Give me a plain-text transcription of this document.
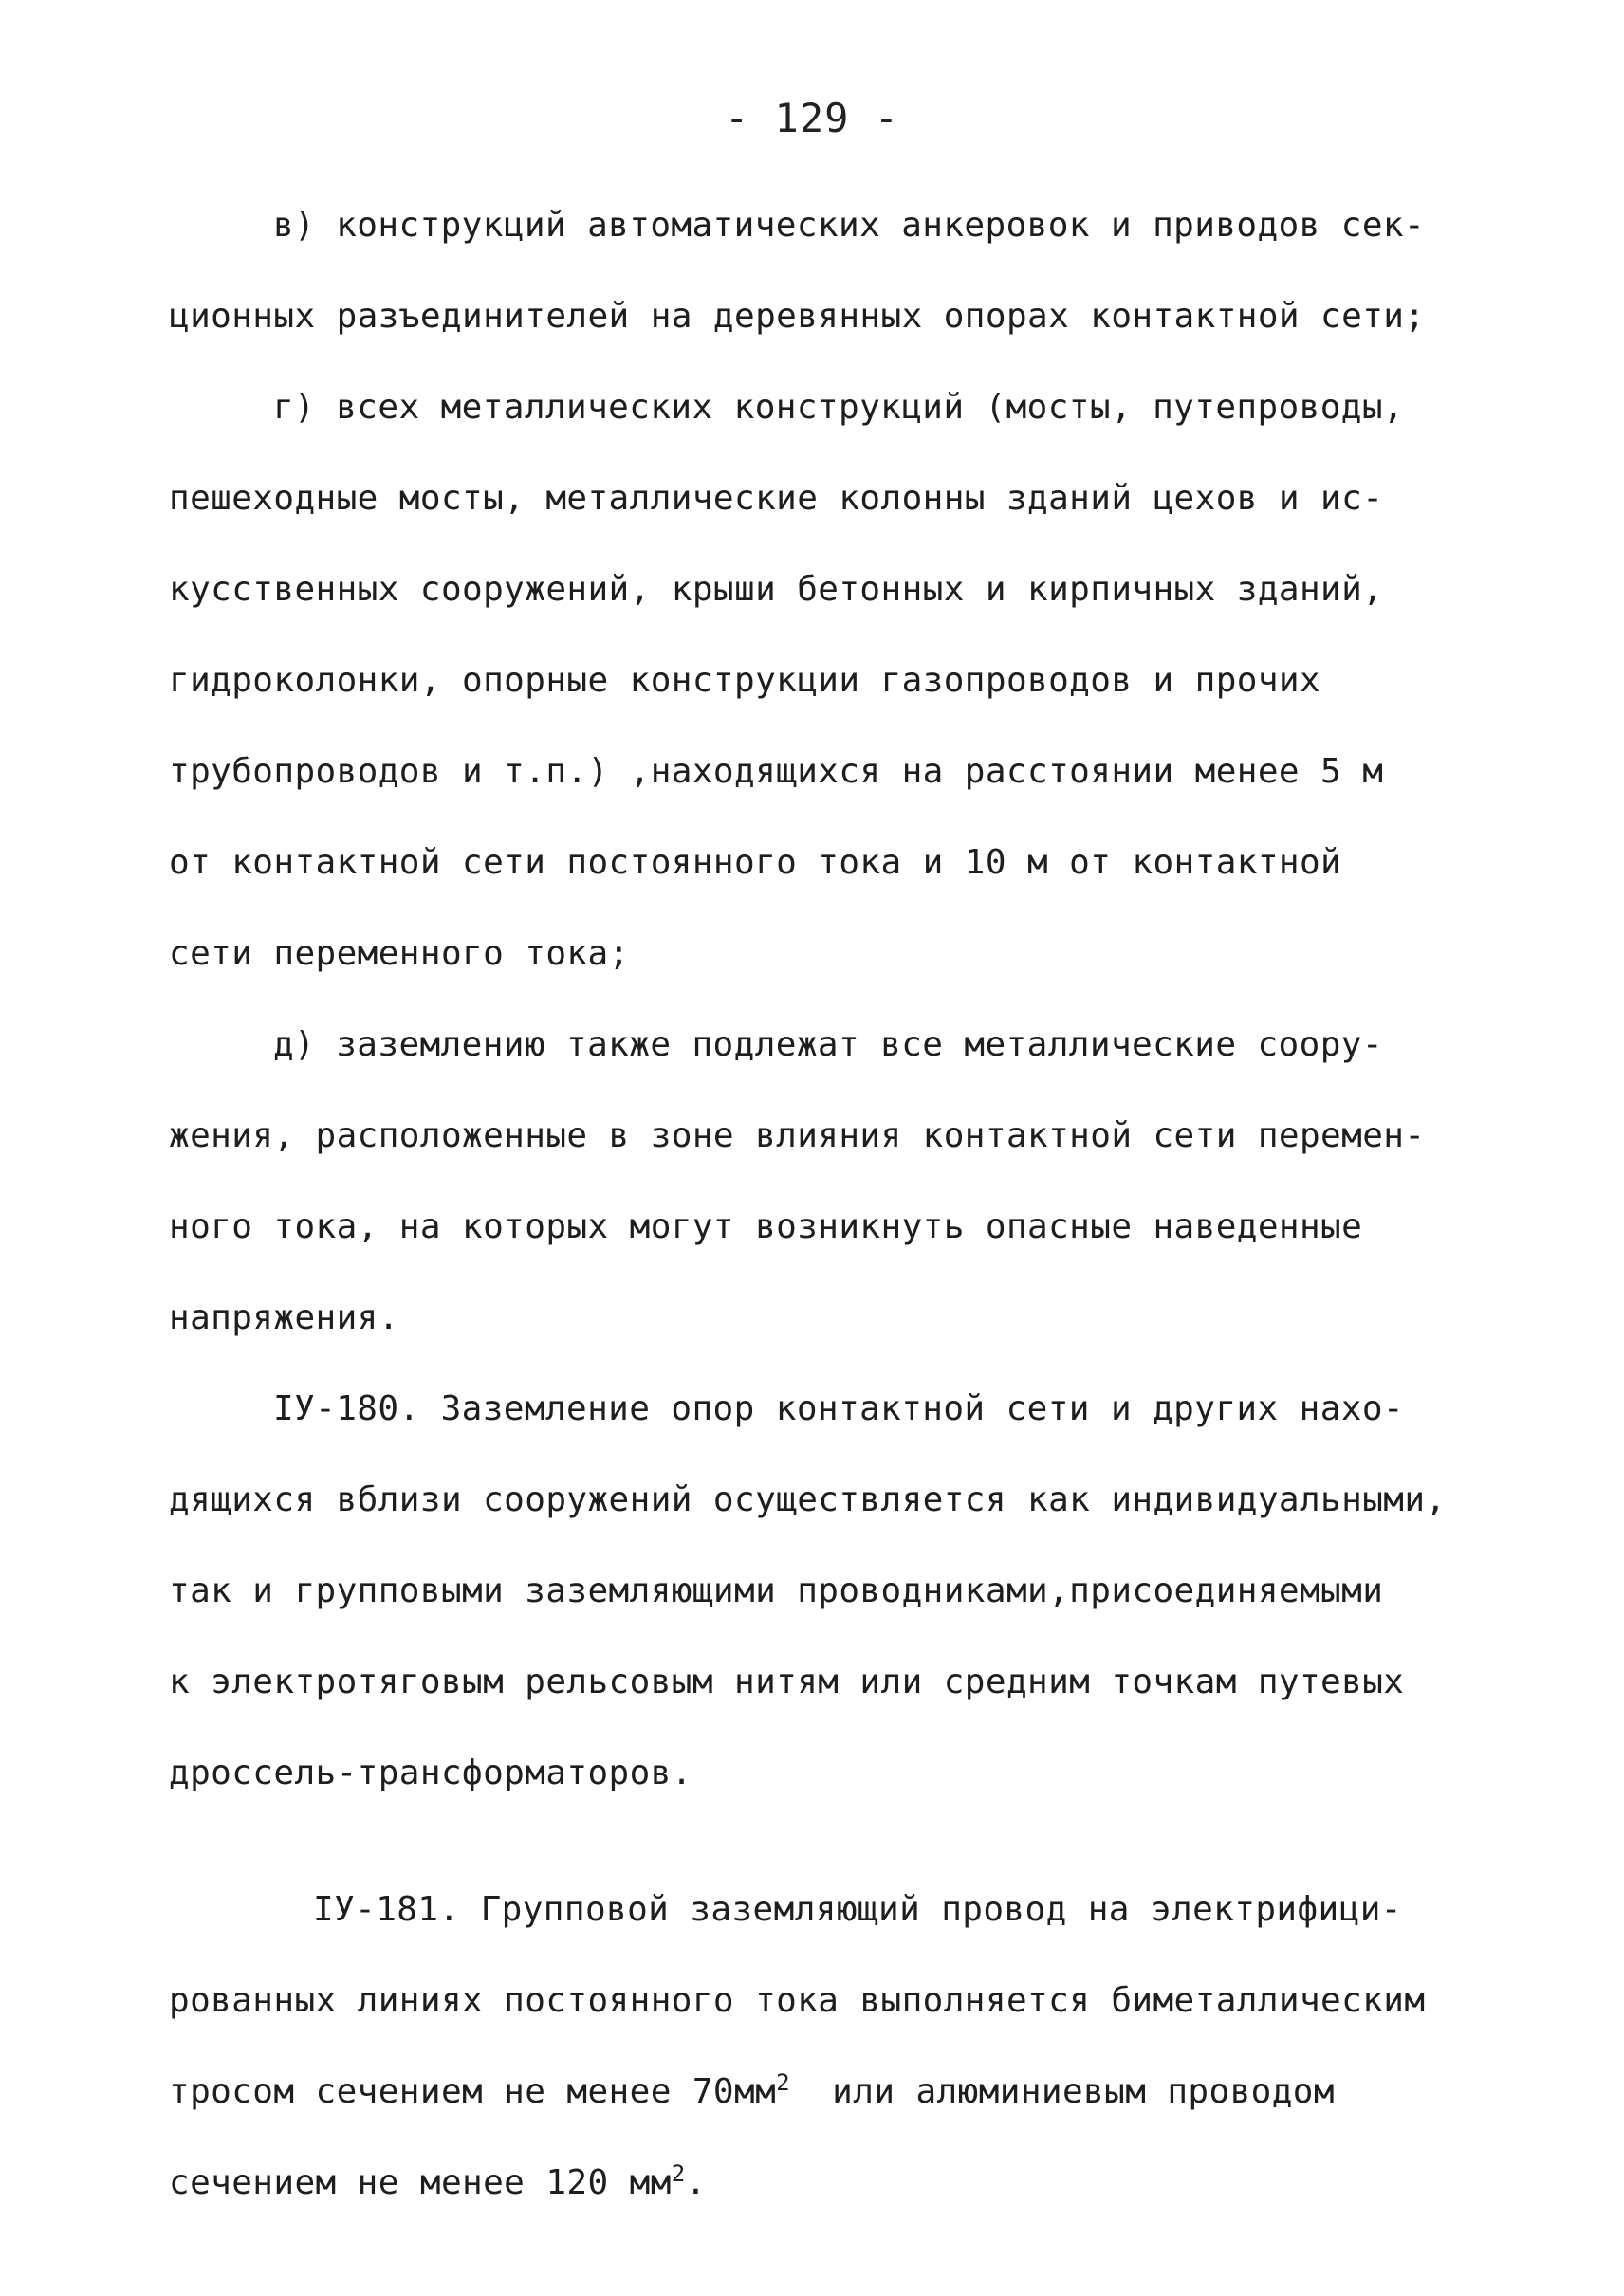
- 129 -
в) конструкций автоматических анкеровок и приводов сек-
ционных разъединителей на деревянных опорах контактной сети;
г) всех металлических конструкций (мосты, путепроводы,
пешеходные мосты, металлические колонны зданий цехов и ис-
кусственных сооружений, крыши бетонных и кирпичных зданий,
гидроколонки, опорные конструкции газопроводов и прочих
трубопроводов и т.п.) ,находящихся на расстоянии менее 5 м
от контактной сети постоянного тока и 10 м от контактной
сети переменного тока;
д) заземлению также подлежат все металлические соору-
жения, расположенные в зоне влияния контактной сети перемен-
ного тока, на которых могут возникнуть опасные наведенные
напряжения.
IУ-180. Заземление опор контактной сети и других нахо-
дящихся вблизи сооружений осуществляется как индивидуальными,
так и групповыми заземляющими проводниками,присоединяемыми
к электротяговым рельсовым нитям или средним точкам путевых
дроссель-трансформаторов.
IУ-181. Групповой заземляющий провод на электрифици-
рованных линиях постоянного тока выполняется биметаллическим
тросом сечением не менее $70мм^2$ или алюминиевым проводом
сечением не менее 120 $мм^2$.
